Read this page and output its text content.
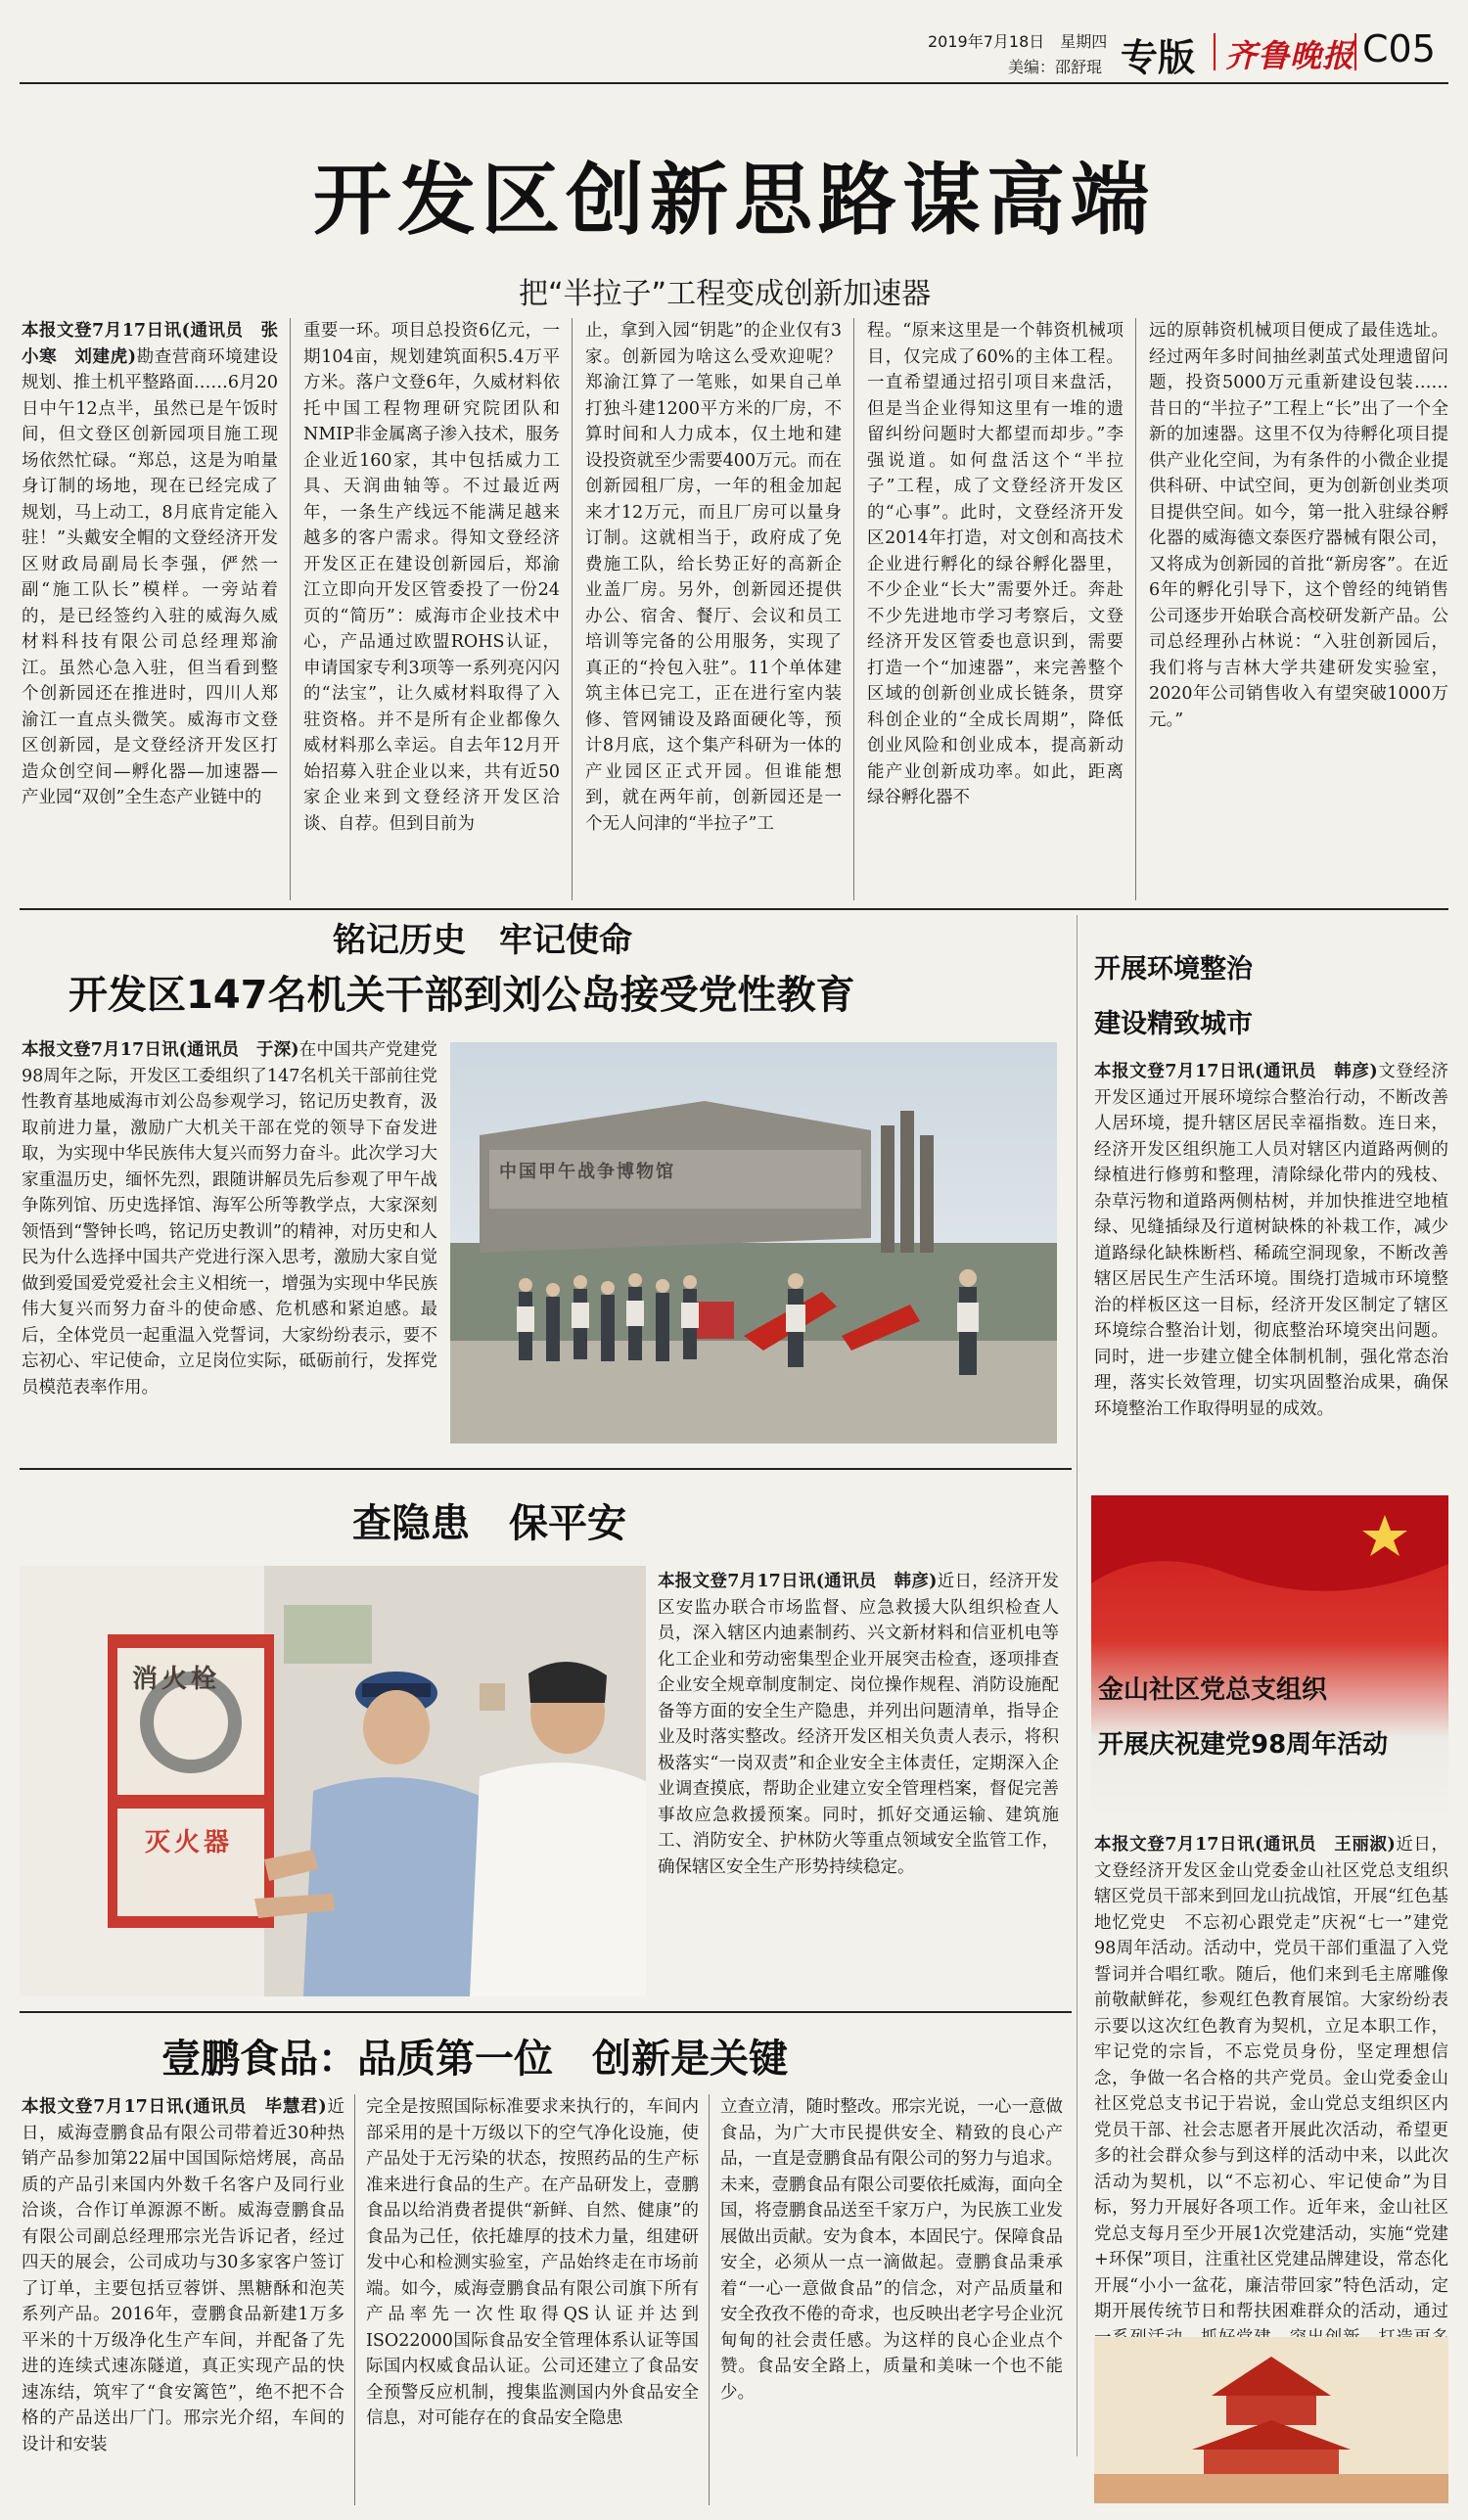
2019年7月18日　星期四
美编：邵舒琨 专版 齐鲁晚报 C05
开发区创新思路谋高端
把“半拉子”工程变成创新加速器

本报文登7月17日讯(通讯员　张小寒　刘建虎)勘查营商环境建设规划、推土机平整路面……6月20日中午12点半，虽然已是午饭时间，但文登区创新园项目施工现场依然忙碌。“郑总，这是为咱量身订制的场地，现在已经完成了规划，马上动工，8月底肯定能入驻！”头戴安全帽的文登经济开发区财政局副局长李强，俨然一副“施工队长”模样。一旁站着的，是已经签约入驻的威海久威材料科技有限公司总经理郑渝江。虽然心急入驻，但当看到整个创新园还在推进时，四川人郑渝江一直点头微笑。威海市文登区创新园，是文登经济开发区打造众创空间—孵化器—加速器—产业园“双创”全生态产业链中的

重要一环。项目总投资6亿元，一期104亩，规划建筑面积5.4万平方米。落户文登6年，久威材料依托中国工程物理研究院团队和NMIP非金属离子渗入技术，服务企业近160家，其中包括威力工具、天润曲轴等。不过最近两年，一条生产线远不能满足越来越多的客户需求。得知文登经济开发区正在建设创新园后，郑渝江立即向开发区管委投了一份24页的“简历”：威海市企业技术中心，产品通过欧盟ROHS认证，申请国家专利3项等一系列亮闪闪的“法宝”，让久威材料取得了入驻资格。并不是所有企业都像久威材料那么幸运。自去年12月开始招募入驻企业以来，共有近50家企业来到文登经济开发区洽谈、自荐。但到目前为

止，拿到入园“钥匙”的企业仅有3家。创新园为啥这么受欢迎呢？郑渝江算了一笔账，如果自己单打独斗建1200平方米的厂房，不算时间和人力成本，仅土地和建设投资就至少需要400万元。而在创新园租厂房，一年的租金加起来才12万元，而且厂房可以量身订制。这就相当于，政府成了免费施工队，给长势正好的高新企业盖厂房。另外，创新园还提供办公、宿舍、餐厅、会议和员工培训等完备的公用服务，实现了真正的“拎包入驻”。11个单体建筑主体已完工，正在进行室内装修、管网铺设及路面硬化等，预计8月底，这个集产科研为一体的产业园区正式开园。但谁能想到，就在两年前，创新园还是一个无人问津的“半拉子”工

程。“原来这里是一个韩资机械项目，仅完成了60%的主体工程。一直希望通过招引项目来盘活，但是当企业得知这里有一堆的遗留纠纷问题时大都望而却步。”李强说道。如何盘活这个“半拉子”工程，成了文登经济开发区的“心事”。此时，文登经济开发区2014年打造，对文创和高技术企业进行孵化的绿谷孵化器里，不少企业“长大”需要外迁。奔赴不少先进地市学习考察后，文登经济开发区管委也意识到，需要打造一个“加速器”，来完善整个区域的创新创业成长链条，贯穿科创企业的“全成长周期”，降低创业风险和创业成本，提高新动能产业创新成功率。如此，距离绿谷孵化器不

远的原韩资机械项目便成了最佳选址。经过两年多时间抽丝剥茧式处理遗留问题，投资5000万元重新建设包装……昔日的“半拉子”工程上“长”出了一个全新的加速器。这里不仅为待孵化项目提供产业化空间，为有条件的小微企业提供科研、中试空间，更为创新创业类项目提供空间。如今，第一批入驻绿谷孵化器的威海德文泰医疗器械有限公司，又将成为创新园的首批“新房客”。在近6年的孵化引导下，这个曾经的纯销售公司逐步开始联合高校研发新产品。公司总经理孙占林说：“入驻创新园后，我们将与吉林大学共建研发实验室，2020年公司销售收入有望突破1000万元。”

铭记历史　牢记使命
开发区147名机关干部到刘公岛接受党性教育

本报文登7月17日讯(通讯员　于深)在中国共产党建党98周年之际，开发区工委组织了147名机关干部前往党性教育基地威海市刘公岛参观学习，铭记历史教育，汲取前进力量，激励广大机关干部在党的领导下奋发进取，为实现中华民族伟大复兴而努力奋斗。此次学习大家重温历史，缅怀先烈，跟随讲解员先后参观了甲午战争陈列馆、历史选择馆、海军公所等教学点，大家深刻领悟到“警钟长鸣，铭记历史教训”的精神，对历史和人民为什么选择中国共产党进行深入思考，激励大家自觉做到爱国爱党爱社会主义相统一，增强为实现中华民族伟大复兴而努力奋斗的使命感、危机感和紧迫感。最后，全体党员一起重温入党誓词，大家纷纷表示，要不忘初心、牢记使命，立足岗位实际，砥砺前行，发挥党员模范表率作用。

中国甲午战争博物馆
开展环境整治
建设精致城市

本报文登7月17日讯(通讯员　韩彦)文登经济开发区通过开展环境综合整治行动，不断改善人居环境，提升辖区居民幸福指数。连日来，经济开发区组织施工人员对辖区内道路两侧的绿植进行修剪和整理，清除绿化带内的残枝、杂草污物和道路两侧枯树，并加快推进空地植绿、见缝插绿及行道树缺株的补栽工作，减少道路绿化缺株断档、稀疏空洞现象，不断改善辖区居民生产生活环境。围绕打造城市环境整治的样板区这一目标，经济开发区制定了辖区环境综合整治计划，彻底整治环境突出问题。同时，进一步建立健全体制机制，强化常态治理，落实长效管理，切实巩固整治成果，确保环境整治工作取得明显的成效。

查隐患　保平安
消火栓
灭火器

本报文登7月17日讯(通讯员　韩彦)近日，经济开发区安监办联合市场监督、应急救援大队组织检查人员，深入辖区内迪素制药、兴文新材料和信亚机电等化工企业和劳动密集型企业开展突击检查，逐项排查企业安全规章制度制定、岗位操作规程、消防设施配备等方面的安全生产隐患，并列出问题清单，指导企业及时落实整改。经济开发区相关负责人表示，将积极落实“一岗双责”和企业安全主体责任，定期深入企业调查摸底，帮助企业建立安全管理档案，督促完善事故应急救援预案。同时，抓好交通运输、建筑施工、消防安全、护林防火等重点领域安全监管工作，确保辖区安全生产形势持续稳定。

金山社区党总支组织
开展庆祝建党98周年活动

本报文登7月17日讯(通讯员　王丽淑)近日，文登经济开发区金山党委金山社区党总支组织辖区党员干部来到回龙山抗战馆，开展“红色基地忆党史　不忘初心跟党走”庆祝“七一”建党98周年活动。活动中，党员干部们重温了入党誓词并合唱红歌。随后，他们来到毛主席雕像前敬献鲜花，参观红色教育展馆。大家纷纷表示要以这次红色教育为契机，立足本职工作，牢记党的宗旨，不忘党员身份，坚定理想信念，争做一名合格的共产党员。金山党委金山社区党总支书记于岩说，金山党总支组织区内党员干部、社会志愿者开展此次活动，希望更多的社会群众参与到这样的活动中来，以此次活动为契机，以“不忘初心、牢记使命”为目标，努力开展好各项工作。近年来，金山社区党总支每月至少开展1次党建活动，实施“党建+环保”项目，注重社区党建品牌建设，常态化开展“小小一盆花，廉洁带回家”特色活动，定期开展传统节日和帮扶困难群众的活动，通过

壹鹏食品：品质第一位　创新是关键

本报文登7月17日讯(通讯员　毕慧君)近日，威海壹鹏食品有限公司带着近30种热销产品参加第22届中国国际焙烤展，高品质的产品引来国内外数千名客户及同行业洽谈，合作订单源源不断。威海壹鹏食品有限公司副总经理邢宗光告诉记者，经过四天的展会，公司成功与30多家客户签订了订单，主要包括豆蓉饼、黑糖酥和泡芙系列产品。2016年，壹鹏食品新建1万多平米的十万级净化生产车间，并配备了先进的连续式速冻隧道，真正实现产品的快速冻结，筑牢了“食安篱笆”，绝不把不合格的产品送出厂门。邢宗光介绍，车间的设计和安装

完全是按照国际标准要求来执行的，车间内部采用的是十万级以下的空气净化设施，使产品处于无污染的状态，按照药品的生产标准来进行食品的生产。在产品研发上，壹鹏食品以给消费者提供“新鲜、自然、健康”的食品为己任，依托雄厚的技术力量，组建研发中心和检测实验室，产品始终走在市场前端。如今，威海壹鹏食品有限公司旗下所有产品率先一次性取得QS认证并达到ISO22000国际食品安全管理体系认证等国际国内权威食品认证。公司还建立了食品安全预警反应机制，搜集监测国内外食品安全信息，对可能存在的食品安全隐患

立查立清，随时整改。邢宗光说，一心一意做食品，为广大市民提供安全、精致的良心产品，一直是壹鹏食品有限公司的努力与追求。未来，壹鹏食品有限公司要依托威海，面向全国，将壹鹏食品送至千家万户，为民族工业发展做出贡献。安为食本，本固民宁。保障食品安全，必须从一点一滴做起。壹鹏食品秉承着“一心一意做食品”的信念，对产品质量和安全孜孜不倦的奇求，也反映出老字号企业沉甸甸的社会责任感。为这样的良心企业点个赞。食品安全路上，质量和美味一个也不能少。
